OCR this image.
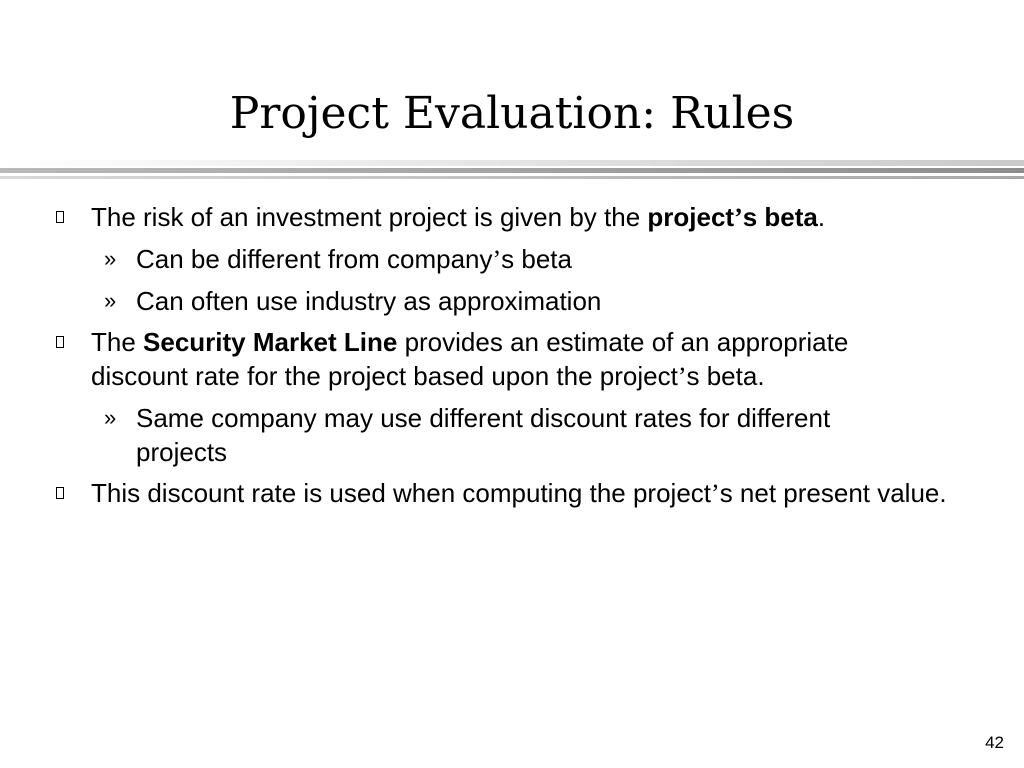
Project Evaluation: Rules

The risk of an investment project is given by the project’s beta.

» Can be different from company’s beta

» Can often use industry as approximation

The Security Market Line provides an estimate of an appropriate discount rate for the project based upon the project’s beta.

» Same company may use different discount rates for different projects

This discount rate is used when computing the project’s net present value.

42
